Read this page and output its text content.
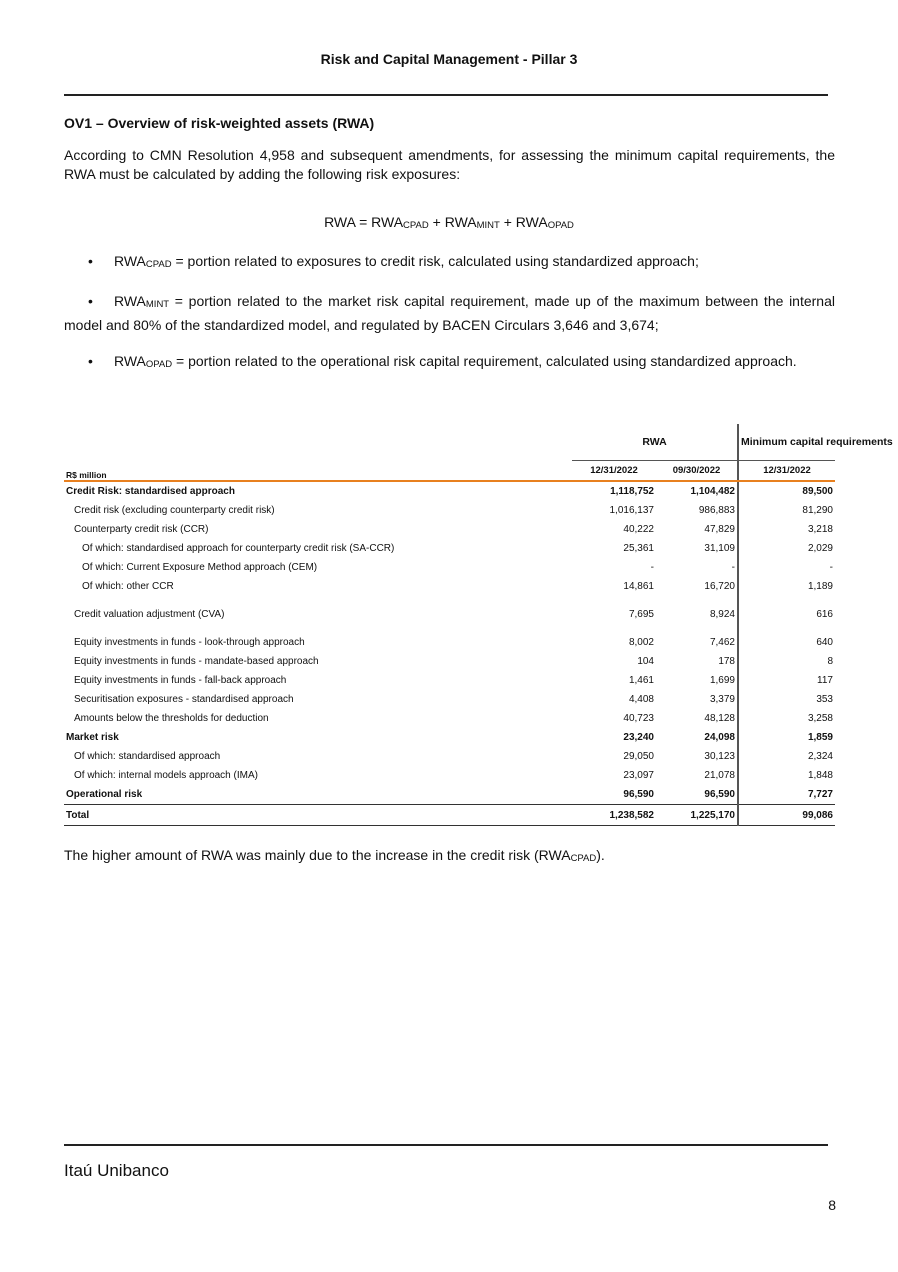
Risk and Capital Management - Pillar 3
OV1 – Overview of risk-weighted assets (RWA)
According to CMN Resolution 4,958 and subsequent amendments, for assessing the minimum capital requirements, the RWA must be calculated by adding the following risk exposures:
RWA = $RWA_{CPAD} + RWA_{MINT} + RWA_{OPAD}$
• $RWA_{CPAD}$ = portion related to exposures to credit risk, calculated using standardized approach;
• $RWA_{MINT}$ = portion related to the market risk capital requirement, made up of the maximum between the internal model and 80% of the standardized model, and regulated by BACEN Circulars 3,646 and 3,674;
• $RWA_{OPAD}$ = portion related to the operational risk capital requirement, calculated using standardized approach.
	RWA		Minimum capital requirements
R$ million	12/31/2022	09/30/2022	12/31/2022
Credit Risk: standardised approach	1,118,752	1,104,482	89,500
Credit risk (excluding counterparty credit risk)	1,016,137	986,883	81,290
Counterparty credit risk (CCR)	40,222	47,829	3,218
Of which: standardised approach for counterparty credit risk (SA-CCR)	25,361	31,109	2,029
Of which: Current Exposure Method approach (CEM)	-	-	-
Of which: other CCR	14,861	16,720	1,189

Credit valuation adjustment (CVA)	7,695	8,924	616

Equity investments in funds - look-through approach	8,002	7,462	640
Equity investments in funds - mandate-based approach	104	178	8
Equity investments in funds - fall-back approach	1,461	1,699	117
Securitisation exposures - standardised approach	4,408	3,379	353
Amounts below the thresholds for deduction	40,723	48,128	3,258
Market risk	23,240	24,098	1,859
Of which: standardised approach	29,050	30,123	2,324
Of which: internal models approach (IMA)	23,097	21,078	1,848
Operational risk	96,590	96,590	7,727
Total	1,238,582	1,225,170	99,086
The higher amount of RWA was mainly due to the increase in the credit risk $(RWA_{CPAD})$.
Itaú Unibanco
8
